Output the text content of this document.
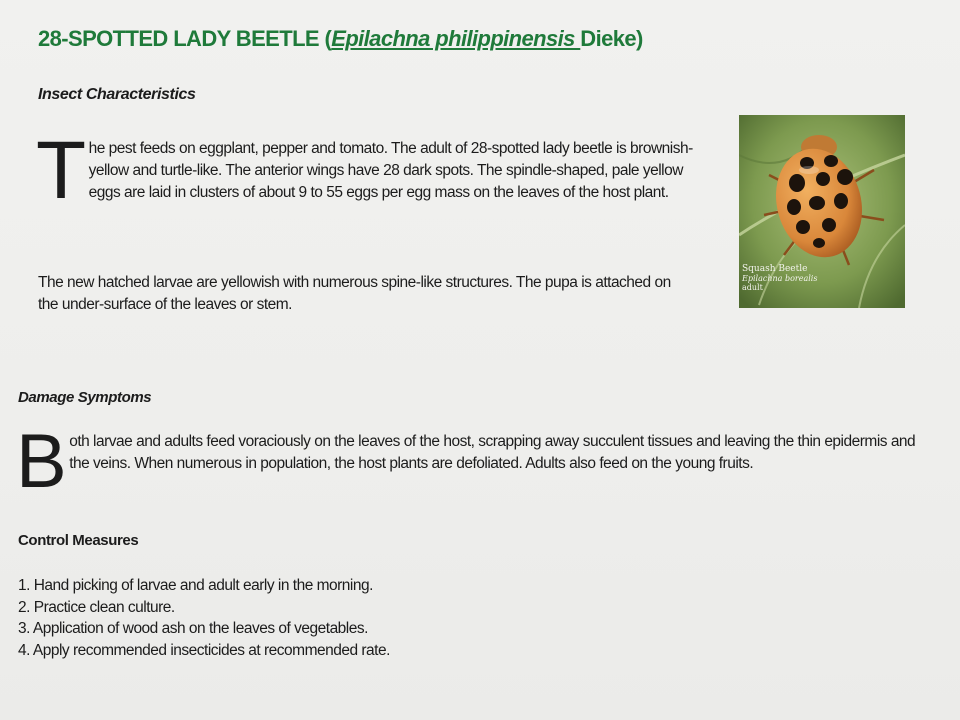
28-SPOTTED LADY BEETLE (Epilachna philippinensis Dieke)
Insect Characteristics
The pest feeds on eggplant, pepper and tomato. The adult of 28-spotted lady beetle is brownish-yellow and turtle-like. The anterior wings have 28 dark spots. The spindle-shaped, pale yellow eggs are laid in clusters of about 9 to 55 eggs per egg mass on the leaves of the host plant.
The new hatched larvae are yellowish with numerous spine-like structures. The pupa is attached on the under-surface of the leaves or stem.
Squash Beetle
Epilachna borealis
adult
Damage Symptoms
Both larvae and adults feed voraciously on the leaves of the host, scrapping away succulent tissues and leaving the thin epidermis and the veins. When numerous in population, the host plants are defoliated. Adults also feed on the young fruits.
Control Measures
1. Hand picking of larvae and adult early in the morning.
2. Practice clean culture.
3. Application of wood ash on the leaves of vegetables.
4. Apply recommended insecticides at recommended rate.
